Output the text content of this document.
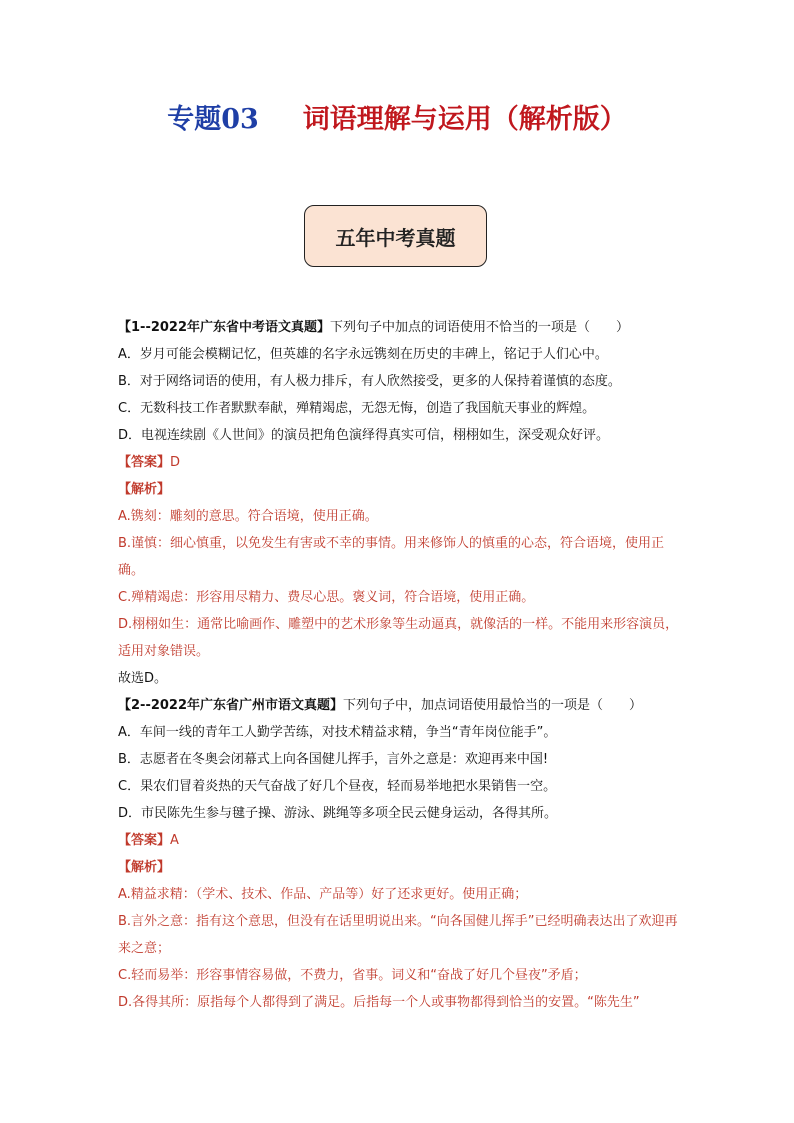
专题03 词语理解与运用（解析版）
五年中考真题
【1--2022年广东省中考语文真题】下列句子中加点的词语使用不恰当的一项是（　　）
A．岁月可能会模糊记忆，但英雄的名字永远镌刻在历史的丰碑上，铭记于人们心中。
B．对于网络词语的使用，有人极力排斥，有人欣然接受，更多的人保持着谨慎的态度。
C．无数科技工作者默默奉献，殚精竭虑，无怨无悔，创造了我国航天事业的辉煌。
D．电视连续剧《人世间》的演员把角色演绎得真实可信，栩栩如生，深受观众好评。
【答案】D
【解析】
A.镌刻：雕刻的意思。符合语境，使用正确。
B.谨慎：细心慎重，以免发生有害或不幸的事情。用来修饰人的慎重的心态，符合语境，使用正确。
C.殚精竭虑：形容用尽精力、费尽心思。褒义词，符合语境，使用正确。
D.栩栩如生：通常比喻画作、雕塑中的艺术形象等生动逼真，就像活的一样。不能用来形容演员，适用对象错误。
故选D。
【2--2022年广东省广州市语文真题】下列句子中，加点词语使用最恰当的一项是（　　）
A．车间一线的青年工人勤学苦练，对技术精益求精，争当“青年岗位能手”。
B．志愿者在冬奥会闭幕式上向各国健儿挥手，言外之意是：欢迎再来中国!
C．果农们冒着炎热的天气奋战了好几个昼夜，轻而易举地把水果销售一空。
D．市民陈先生参与毽子操、游泳、跳绳等多项全民云健身运动，各得其所。
【答案】A
【解析】
A.精益求精：（学术、技术、作品、产品等）好了还求更好。使用正确；
B.言外之意：指有这个意思，但没有在话里明说出来。“向各国健儿挥手”已经明确表达出了欢迎再来之意；
C.轻而易举：形容事情容易做，不费力，省事。词义和“奋战了好几个昼夜”矛盾；
D.各得其所：原指每个人都得到了满足。后指每一个人或事物都得到恰当的安置。“陈先生”
